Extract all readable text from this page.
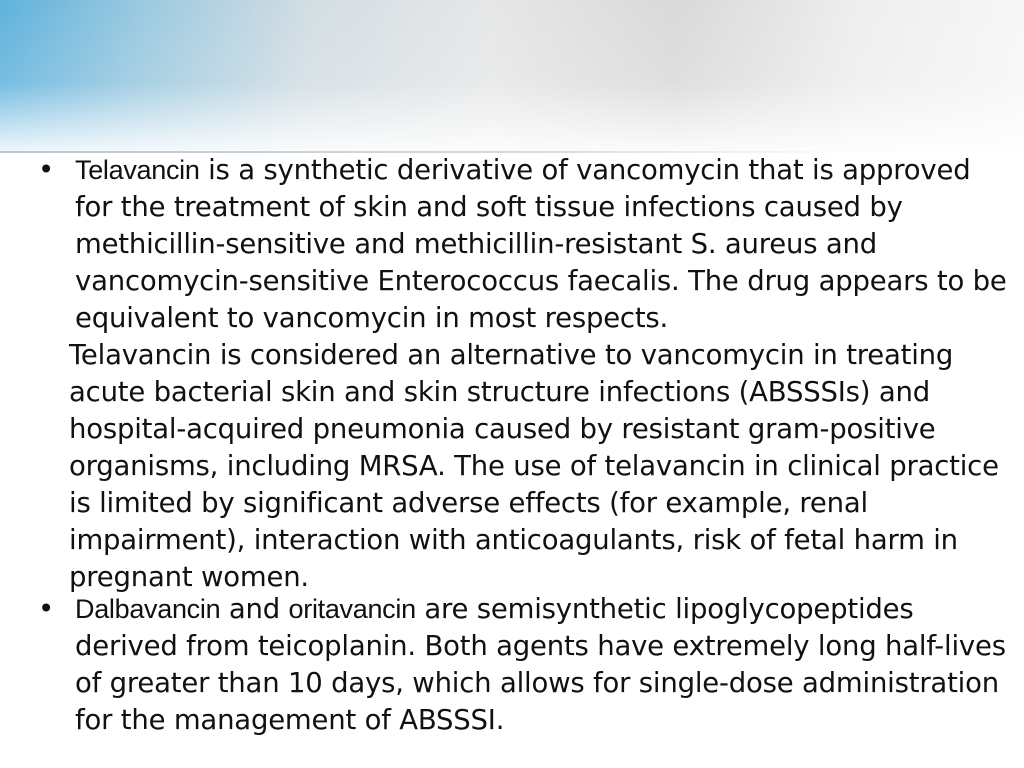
• Telavancin is a synthetic derivative of vancomycin that is approved for the treatment of skin and soft tissue infections caused by methicillin-sensitive and methicillin-resistant S. aureus and vancomycin-sensitive Enterococcus faecalis. The drug appears to be equivalent to vancomycin in most respects.
Telavancin is considered an alternative to vancomycin in treating acute bacterial skin and skin structure infections (ABSSSIs) and hospital-acquired pneumonia caused by resistant gram-positive organisms, including MRSA. The use of telavancin in clinical practice is limited by significant adverse effects (for example, renal impairment), interaction with anticoagulants, risk of fetal harm in pregnant women.
• Dalbavancin and oritavancin are semisynthetic lipoglycopeptides derived from teicoplanin. Both agents have extremely long half-lives of greater than 10 days, which allows for single-dose administration for the management of ABSSSI.
